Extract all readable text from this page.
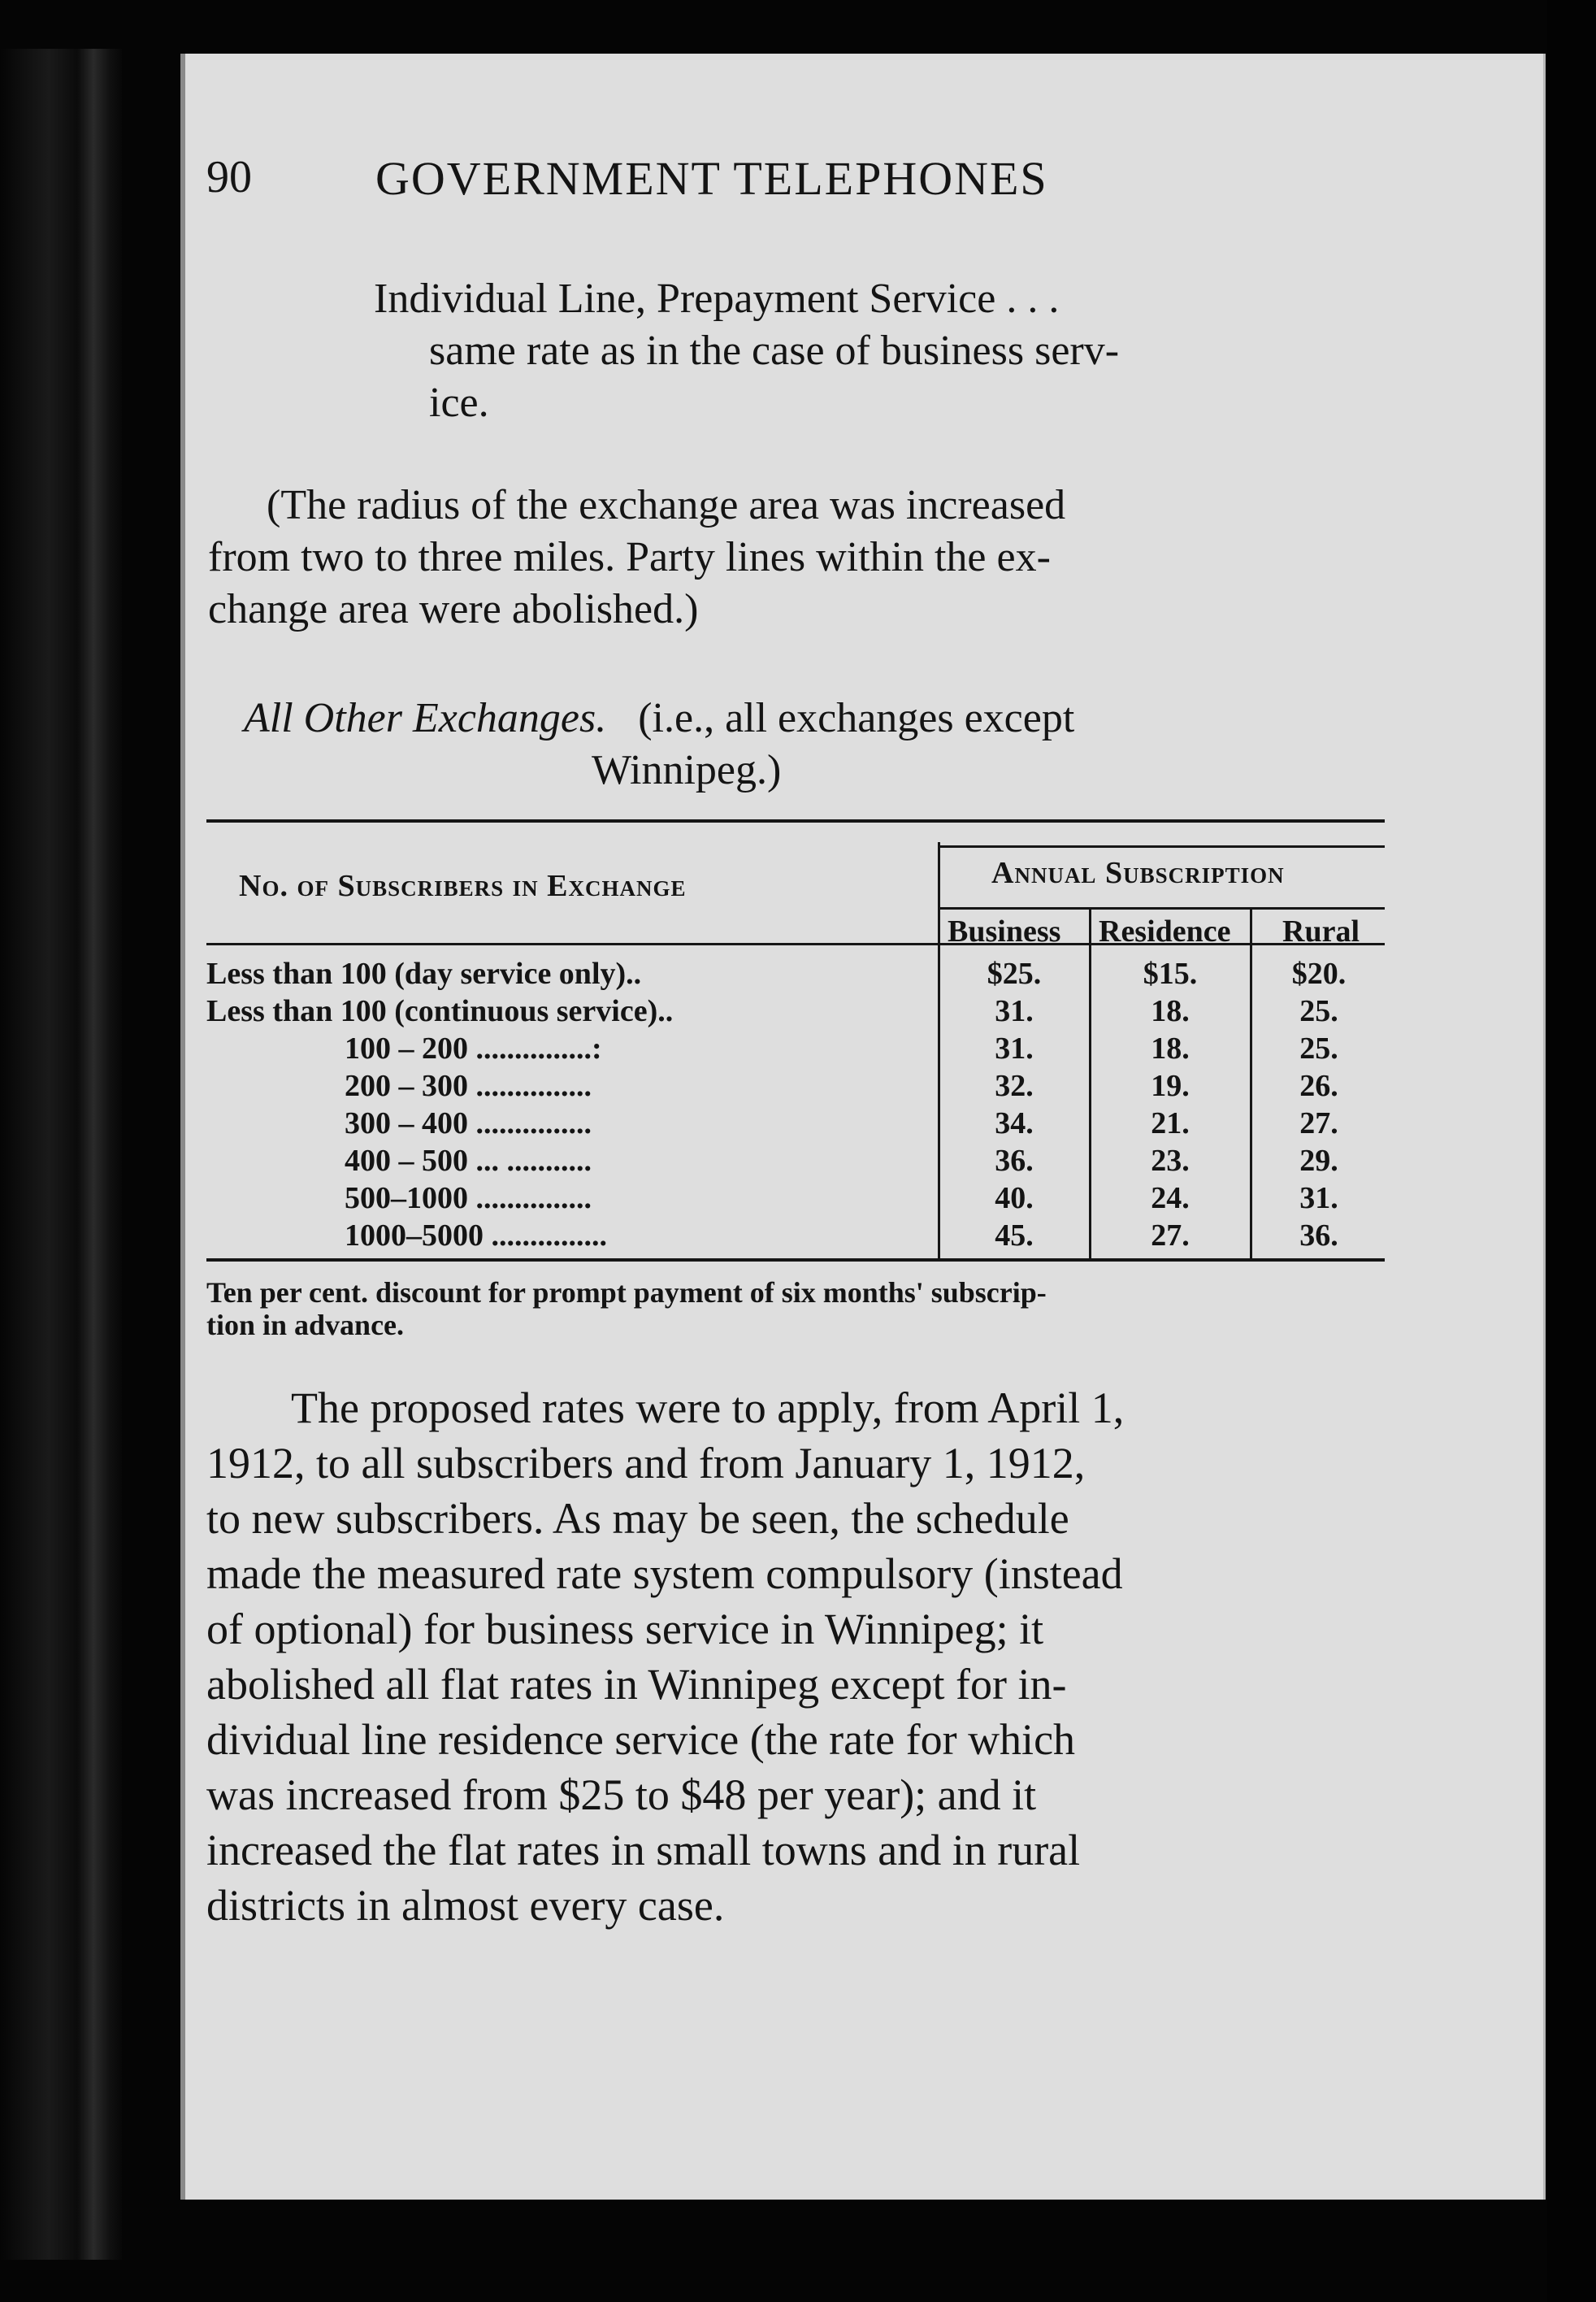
90	GOVERNMENT TELEPHONES
Individual Line, Prepayment Service . . .
same rate as in the case of business serv-
ice.
(The radius of the exchange area was increased
from two to three miles. Party lines within the ex-
change area were abolished.)
All Other Exchanges. (i.e., all exchanges except
Winnipeg.)
No. of Subscribers in Exchange	Annual Subscription
Business Residence Rural
Less than 100 (day service only)..	$25.	$15.	$20.
Less than 100 (continuous service)..	31.	18.	25.
100 – 200 ...............:	31.	18.	25.
200 – 300 ...............	32.	19.	26.
300 – 400 ...............	34.	21.	27.
400 – 500 ... ...........	36.	23.	29.
500–1000 ...............	40.	24.	31.
1000–5000 ...............	45.	27.	36.
Ten per cent. discount for prompt payment of six months' subscrip-
tion in advance.
The proposed rates were to apply, from April 1,
1912, to all subscribers and from January 1, 1912,
to new subscribers. As may be seen, the schedule
made the measured rate system compulsory (instead
of optional) for business service in Winnipeg; it
abolished all flat rates in Winnipeg except for in-
dividual line residence service (the rate for which
was increased from $25 to $48 per year); and it
increased the flat rates in small towns and in rural
districts in almost every case.
